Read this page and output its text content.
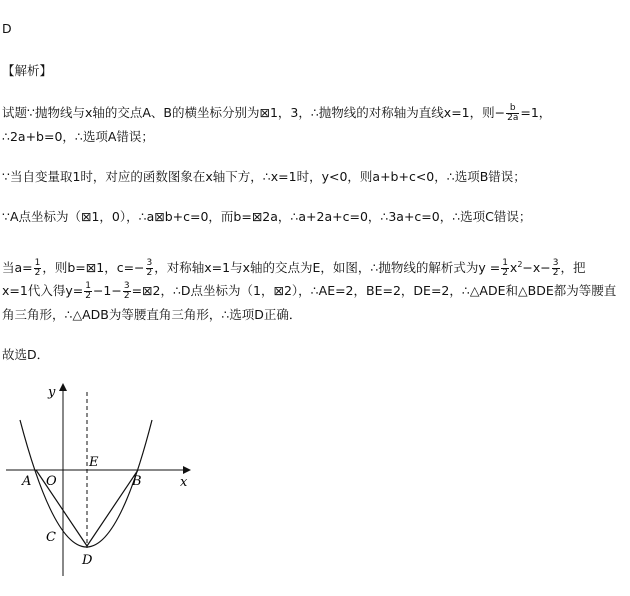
D
【解析】
试题∵抛物线与x轴的交点A、B的横坐标分别为⊠1，3，∴抛物线的对称轴为直线x=1，则− $\frac{b}{2a} =1$，
∴2a+b=0，∴选项A错误；
∵当自变量取1时，对应的函数图象在x轴下方，∴x=1时，y<0，则a+b+c<0，∴选项B错误；
∵A点坐标为（⊠1，0），∴a⊠b+c=0，而b=⊠2a，∴a+2a+c=0，∴3a+c=0，∴选项C错误；
当$a= \frac{1}{2}$ ，则b=⊠1，$c=- \frac{3}{2}$ ，对称轴x=1与x轴的交点为E，如图，∴抛物线的解析式为$y = \frac{1}{2} x^2-x- \frac{3}{2}$ ，把
x=1代入得$y= \frac{1}{2} -1- \frac{3}{2}$ =⊠2，∴D点坐标为（1，⊠2），∴AE=2，BE=2，DE=2，∴△ADE和△BDE都为等腰直
角三角形，∴△ADB为等腰直角三角形，∴选项D正确．
故选D．
y
x
E
A O	B
C
D
